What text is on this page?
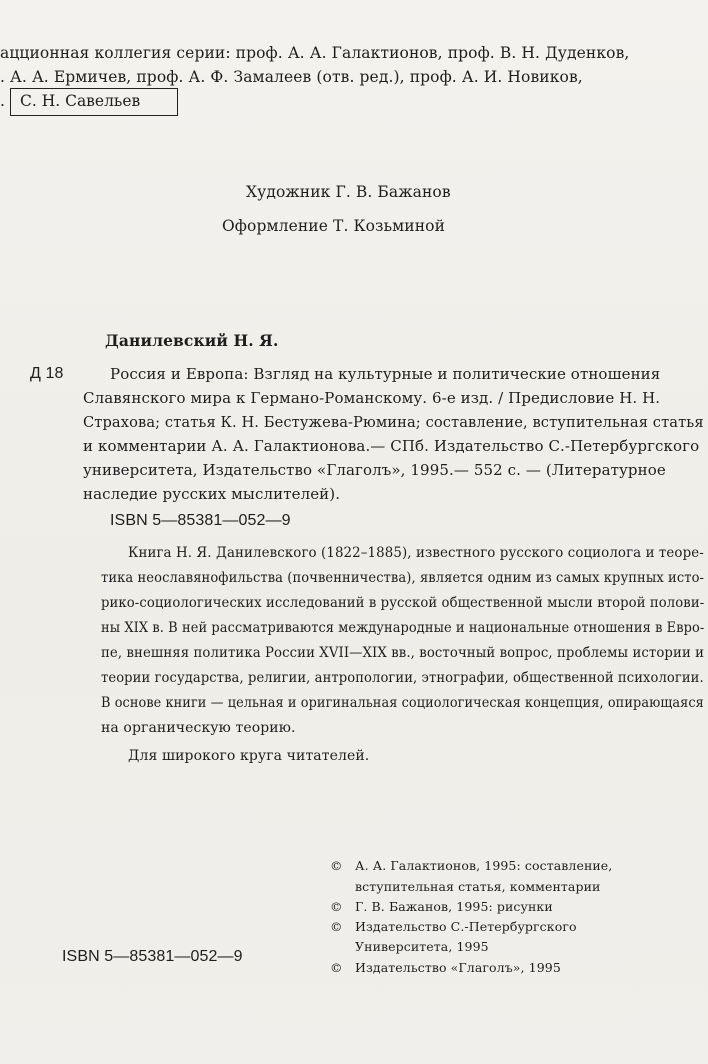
ацционная коллегия серии: проф. А. А. Галактионов, проф. В. Н. Дуденков,
. А. А. Ермичев, проф. А. Ф. Замалеев (отв. ред.), проф. А. И. Новиков,
. С. Н. Савельев
Художник Г. В. Бажанов
Оформление Т. Козьминой
Данилевский Н. Я.
Д 18	Россия и Европа: Взгляд на культурные и политические отношения
Славянского мира к Германо-Романскому. 6-е изд. / Предисловие Н. Н.
Страхова; статья К. Н. Бестужева-Рюмина; составление, вступительная статья
и комментарии А. А. Галактионова.— СПб. Издательство С.-Петербургского
университета, Издательство «Глаголъ», 1995.— 552 с. — (Литературное
наследие русских мыслителей).
ISBN 5—85381—052—9
Книга Н. Я. Данилевского (1822–1885), известного русского социолога и теоре-
тика неославянофильства (почвенничества), является одним из самых крупных исто-
рико-социологических исследований в русской общественной мысли второй полови-
ны XIX в. В ней рассматриваются международные и национальные отношения в Евро-
пе, внешняя политика России XVII—XIX вв., восточный вопрос, проблемы истории и
теории государства, религии, антропологии, этнографии, общественной психологии.
В основе книги — цельная и оригинальная социологическая концепция, опирающаяся
на органическую теорию.
Для широкого круга читателей.
ISBN 5—85381—052—9
© А. А. Галактионов, 1995: составление,
вступительная статья, комментарии
© Г. В. Бажанов, 1995: рисунки
© Издательство С.-Петербургского
Университета, 1995
© Издательство «Глаголъ», 1995
